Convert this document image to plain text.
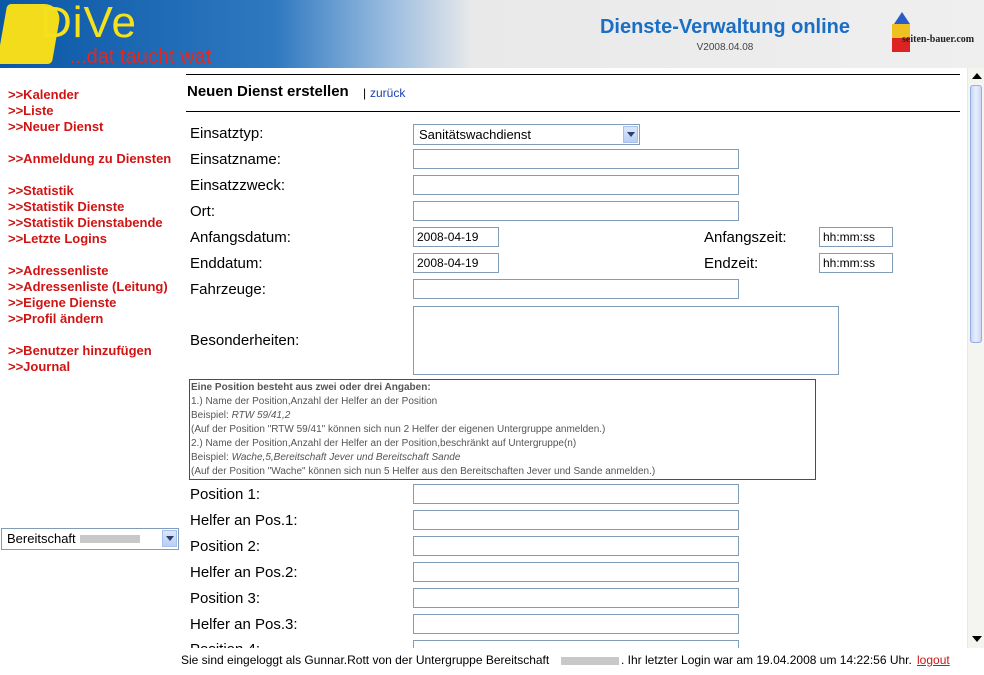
DiVe
...dat taucht wat
Dienste-Verwaltung online
V2008.04.08
seiten-bauer.com
>>Kalender
>>Liste
>>Neuer Dienst
>>Anmeldung zu Diensten
>>Statistik
>>Statistik Dienste
>>Statistik Dienstabende
>>Letzte Logins
>>Adressenliste
>>Adressenliste (Leitung)
>>Eigene Dienste
>>Profil ändern
>>Benutzer hinzufügen
>>Journal
Bereitschaft
Neuen Dienst erstellen | zurück
Einsatztyp:	Sanitätswachdienst
Einsatzname:
Einsatzzweck:
Ort:
Anfangsdatum:	2008-04-19	Anfangszeit:	hh:mm:ss
Enddatum:	2008-04-19	Endzeit:	hh:mm:ss
Fahrzeuge:
Besonderheiten:
Eine Position besteht aus zwei oder drei Angaben:
1.) Name der Position,Anzahl der Helfer an der Position
Beispiel: RTW 59/41,2
(Auf der Position "RTW 59/41" können sich nun 2 Helfer der eigenen Untergruppe anmelden.)
2.) Name der Position,Anzahl der Helfer an der Position,beschränkt auf Untergruppe(n)
Beispiel: Wache,5,Bereitschaft Jever und Bereitschaft Sande
(Auf der Position "Wache" können sich nun 5 Helfer aus den Bereitschaften Jever und Sande anmelden.)
Position 1:
Helfer an Pos.1:
Position 2:
Helfer an Pos.2:
Position 3:
Helfer an Pos.3:
Sie sind eingeloggt als Gunnar.Rott von der Untergruppe Bereitschaft	. Ihr letzter Login war am 19.04.2008 um 14:22:56 Uhr. logout
